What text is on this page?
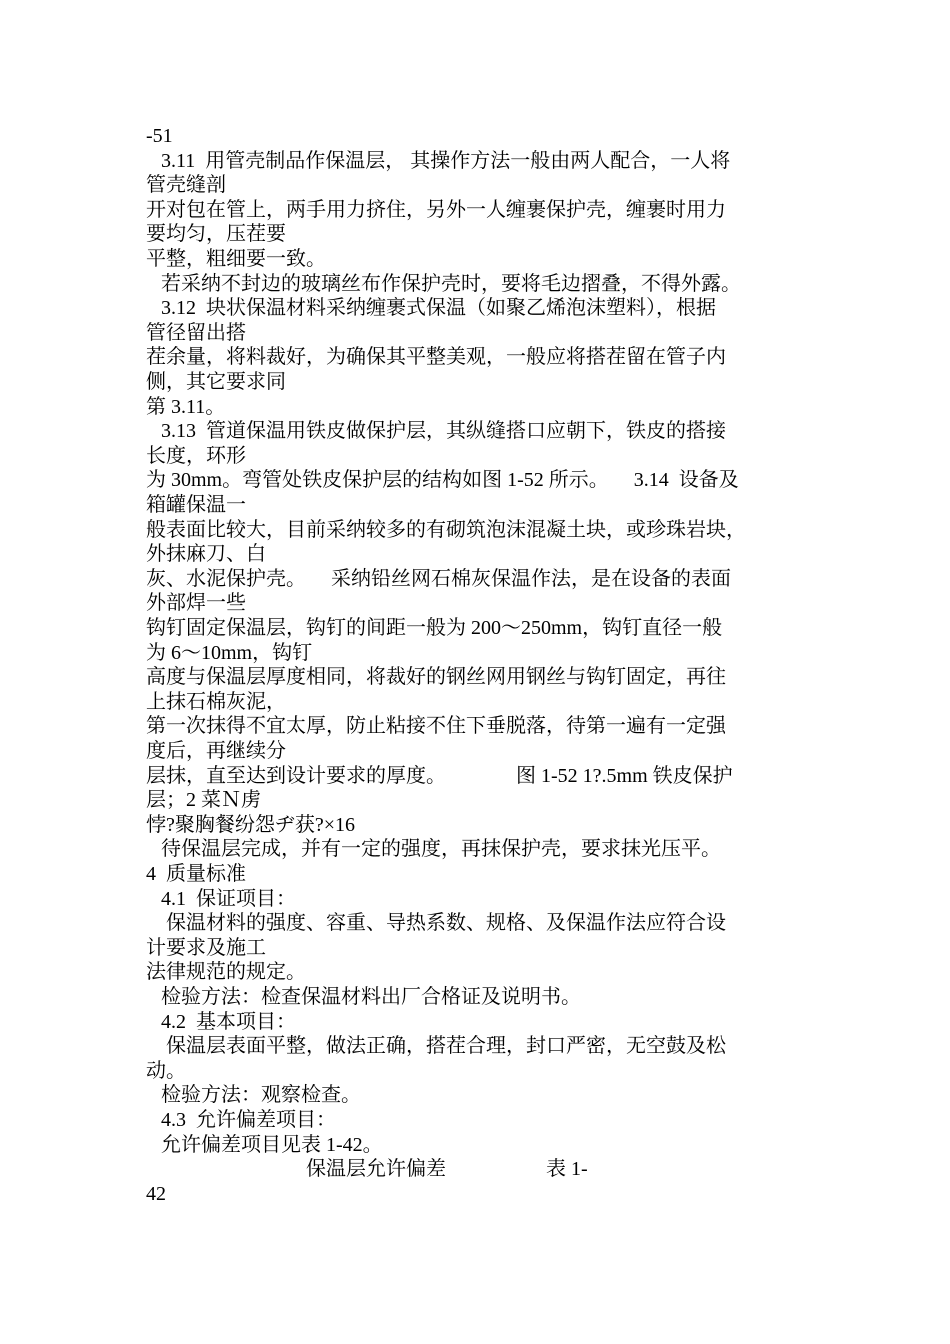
-51

3.11  用管壳制品作保温层， 其操作方法一般由两人配合，一人将

管壳缝剖

开对包在管上，两手用力挤住，另外一人缠裹保护壳，缠裹时用力

要均匀，压茬要

平整，粗细要一致。

若采纳不封边的玻璃丝布作保护壳时，要将毛边摺叠，不得外露。

3.12  块状保温材料采纳缠裹式保温（如聚乙烯泡沫塑料），根据

管径留出搭

茬余量，将料裁好，为确保其平整美观，一般应将搭茬留在管子内

侧，其它要求同

第 3.11。

3.13  管道保温用铁皮做保护层，其纵缝搭口应朝下，铁皮的搭接

长度，环形

为 30mm。弯管处铁皮保护层的结构如图 1-52 所示。     3.14  设备及

箱罐保温一

般表面比较大，目前采纳较多的有砌筑泡沫混凝土块，或珍珠岩块，

外抹麻刀、白

灰、水泥保护壳。     采纳铅丝网石棉灰保温作法，是在设备的表面

外部焊一些

钩钉固定保温层，钩钉的间距一般为 200～250mm，钩钉直径一般

为 6～10mm，钩钉

高度与保温层厚度相同，将裁好的钢丝网用钢丝与钩钉固定，再往

上抹石棉灰泥，

第一次抹得不宜太厚，防止粘接不住下垂脱落，待第一遍有一定强

度后，再继续分

层抹，直至达到设计要求的厚度。              图 1-52 1?.5mm 铁皮保护

层；2 菜Ｎ虏

悖?聚胸餐纷怨ヂ获?×16

待保温层完成，并有一定的强度，再抹保护壳，要求抹光压平。

4  质量标准

4.1  保证项目：

保温材料的强度、容重、导热系数、规格、及保温作法应符合设

计要求及施工

法律规范的规定。

检验方法：检查保温材料出厂合格证及说明书。

4.2  基本项目：

保温层表面平整，做法正确，搭茬合理，封口严密，无空鼓及松

动。

检验方法：观察检查。

4.3  允许偏差项目：

允许偏差项目见表 1-42。

保温层允许偏差                    表 1-

42
